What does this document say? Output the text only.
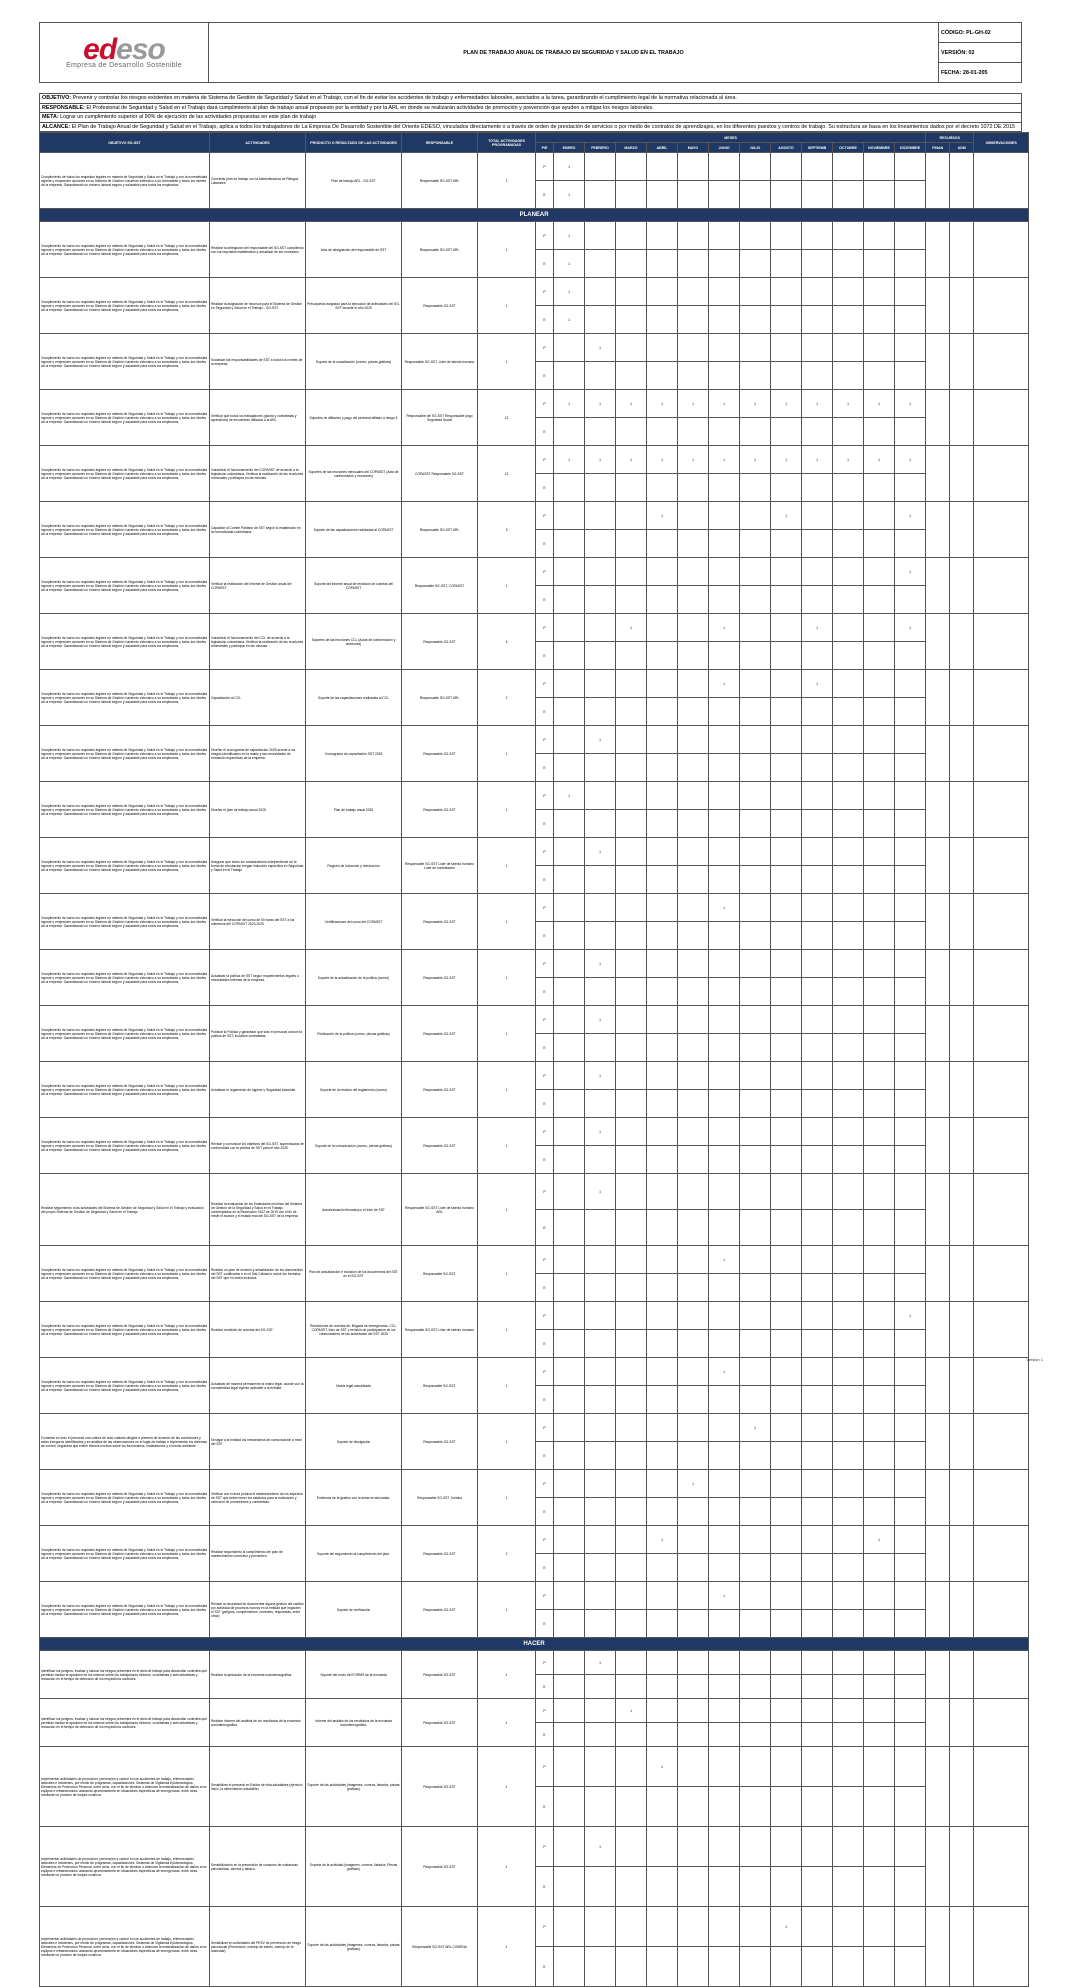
edeso
Empresa de Desarrollo Sostenible
	PLAN DE TRABAJO ANUAL DE TRABAJO EN SEGURIDAD Y SALUD EN EL TRABAJO	CÓDIGO: PL-GH-02
VERSIÓN: 02
FECHA: 28-01-205
OBJETIVO: Prevenir y controlar los riesgos existentes en materia de Sistema de Gestión de Seguridad y Salud en el Trabajo, con el fin de evitar los accidentes de trabajo y enfermedades laborales, asociados a la tarea, garantizando el cumplimiento legal de la normativa relacionada al área.
RESPONSABLE: El Profesional de Seguridad y Salud en el Trabajo dará cumplimiento al plan de trabajo anual propuesto por la entidad y por la ARL en donde se realizarán actividades de promoción y prevención que ayuden a mitigar los riesgos laborales.
META: Lograr un cumplimiento superior al 90% de ejecución de las actividades propuestas en este plan de trabajo
ALCANCE: El Plan de Trabajo Anual de Seguridad y Salud en el Trabajo, aplica a todos los trabajadores de La Empresa De Desarrollo Sostenible del Oriente EDESO, vinculados directamente o a través de orden de prestación de servicios o por medio de contratos de aprendizajes, en los diferentes puestos y centros de trabajo. Su estructura se basa en los lineamientos dados por el decreto 1072 DE 2015
OBJETIVO SG-SST	ACTIVIDADES	PRODUCTO O RESULTADO DE LAS ACTIVIDADES	RESPONSABLE	TOTAL ACTIVIDADES PROGRAMADAS	MESES													RECURSOS		OBSERVACIONES
					P/E	ENERO	FEBRERO	MARZO	ABRIL	MAYO	JUNIO	JULIO	AGOSTO	SEPTIEMB	OCTUBRE	NOVIEMBRE	DICIEMBRE	FINAN	ADM	
Cumplimiento de todos los requisitos legales en materia de Seguridad y Salud en el Trabajo y con la normatividad vigente y emprender acciones en su Sistema de Gestión; haciendo extensivo a su contratante y todos los niveles de la empresa. Garantizando un entorno laboral seguro y saludable para todos los empleados.	Concertar plan de trabajo con la Administradora de Riesgos Laborales	Plan de trabajo ARL - SG-SST	Responsable SG-SST ARL	1	P	1														
					E	1														
PLANEAR																				
Cumplimiento de todos los requisitos legales en materia de Seguridad y Salud en el Trabajo y con la normatividad vigente y emprender acciones en su Sistema de Gestión; haciendo extensivo a su contratante y todos los niveles de la empresa. Garantizando un entorno laboral seguro y saludable para todos los empleados.	Realizar la delegación del responsable del SG-SST cumpliendo con los requisitos establecidos y actualizar de ser necesario	Acta de designación del responsable de SST	Responsable SG-SST ARL	1	P	1														
					E	1														
Cumplimiento de todos los requisitos legales en materia de Seguridad y Salud en el Trabajo y con la normatividad vigente y emprender acciones en su Sistema de Gestión; haciendo extensivo a su contratante y todos los niveles de la empresa. Garantizando un entorno laboral seguro y saludable para todos los empleados.	Realizar la asignación de recursos para el Sistema de Gestión en Seguridad y Salud en el Trabajo – SG-SST	Presupuesto asignado para la ejecución de actividades del SG-SST durante el año 2025	Responsable SG-SST	1	P	1														
					E	1														
Cumplimiento de todos los requisitos legales en materia de Seguridad y Salud en el Trabajo y con la normatividad vigente y emprender acciones en su Sistema de Gestión; haciendo extensivo a su contratante y todos los niveles de la empresa. Garantizando un entorno laboral seguro y saludable para todos los empleados.	Socializar las responsabilidades de SST a todos los niveles de la empresa.	Soporte de la socialización (correo, piezas gráficas)	Responsable SG-SST, Líder de talento humano	1	P		1													
					E															
Cumplimiento de todos los requisitos legales en materia de Seguridad y Salud en el Trabajo y con la normatividad vigente y emprender acciones en su Sistema de Gestión; haciendo extensivo a su contratante y todos los niveles de la empresa. Garantizando un entorno laboral seguro y saludable para todos los empleados.	Verificar que todos los trabajadores (planta y contratistas y aprendices) se encuentran afiliados a la ARL	Soportes de afiliación y pago del personal afiliado a riesgo 5	Responsable del SG-SST Responsable pago Seguridad Social	12	P	1	1	1	1	1	1	1	1	1	1	1	1			
					E															
Cumplimiento de todos los requisitos legales en materia de Seguridad y Salud en el Trabajo y con la normatividad vigente y emprender acciones en su Sistema de Gestión; haciendo extensivo a su contratante y todos los niveles de la empresa. Garantizando un entorno laboral seguro y saludable para todos los empleados.	Garantizar el funcionamiento del COPASST de acuerdo a la legislación colombiana, Verificar la realización de las reuniones mensuales y participar en las mismas.	Soportes de las reuniones mensuales del COPASST (Acta de conformación y reuniones)	COPASST Responsable SG-SST	12	P	1	1	1	1	1	1	1	1	1	1	1	1			
					E															
Cumplimiento de todos los requisitos legales en materia de Seguridad y Salud en el Trabajo y con la normatividad vigente y emprender acciones en su Sistema de Gestión; haciendo extensivo a su contratante y todos los niveles de la empresa. Garantizando un entorno laboral seguro y saludable para todos los empleados.	Capacitar al Comité Paritario de SST según lo establecido en la normatividad colombiana.	Soporte de las capacitaciones realizadas al COPASST	Responsable SG-SST ARL	3	P				1				1				1			
					E															
Cumplimiento de todos los requisitos legales en materia de Seguridad y Salud en el Trabajo y con la normatividad vigente y emprender acciones en su Sistema de Gestión; haciendo extensivo a su contratante y todos los niveles de la empresa. Garantizando un entorno laboral seguro y saludable para todos los empleados.	Verificar la realización del informe de Gestión anual del COPASST	Soporte del informe anual de rendición de cuentas del COPASST	Responsable SG-SST, COPASST	1	P												1			
					E															
Cumplimiento de todos los requisitos legales en materia de Seguridad y Salud en el Trabajo y con la normatividad vigente y emprender acciones en su Sistema de Gestión; haciendo extensivo a su contratante y todos los niveles de la empresa. Garantizando un entorno laboral seguro y saludable para todos los empleados.	Garantizar el funcionamiento del CCL de acuerdo a la legislación colombiana, Verificar la realización de las reuniones trimestrales y participar en las mismas.	Soportes de las reuniones CCL (Actas de conformación y reuniones)	Responsable SG-SST	4	P			1			1			1			1			
					E															
Cumplimiento de todos los requisitos legales en materia de Seguridad y Salud en el Trabajo y con la normatividad vigente y emprender acciones en su Sistema de Gestión; haciendo extensivo a su contratante y todos los niveles de la empresa. Garantizando un entorno laboral seguro y saludable para todos los empleados.	Capacitación al CCL	Soporte de las capacitaciones realizadas al CCL	Responsable SG-SST ARL	2	P						1			1						
					E															
Cumplimiento de todos los requisitos legales en materia de Seguridad y Salud en el Trabajo y con la normatividad vigente y emprender acciones en su Sistema de Gestión; haciendo extensivo a su contratante y todos los niveles de la empresa. Garantizando un entorno laboral seguro y saludable para todos los empleados.	Diseñar el cronograma de capacitación 2025 acorde a los riesgos identificados en la matriz y las necesidades de formación específicas de la empresa.	Cronograma de capacitación SST 2025	Responsable SG-SST	1	P		1													
					E															
Cumplimiento de todos los requisitos legales en materia de Seguridad y Salud en el Trabajo y con la normatividad vigente y emprender acciones en su Sistema de Gestión; haciendo extensivo a su contratante y todos los niveles de la empresa. Garantizando un entorno laboral seguro y saludable para todos los empleados.	Diseñar el plan de trabajo anual 2025	Plan de trabajo anual 2025	Responsable SG-SST	1	P	1														
					E															
Cumplimiento de todos los requisitos legales en materia de Seguridad y Salud en el Trabajo y con la normatividad vigente y emprender acciones en su Sistema de Gestión; haciendo extensivo a su contratante y todos los niveles de la empresa. Garantizando un entorno laboral seguro y saludable para todos los empleados.	Asegurar que todos los colaboradores independiente de la forma de vinculación tengan inducción específica en Seguridad y Salud en el Trabajo	Registro de Inducción y reinducción	Responsable SG-SST Líder de talento humano Líder de contratación	1	P		1													
					E															
Cumplimiento de todos los requisitos legales en materia de Seguridad y Salud en el Trabajo y con la normatividad vigente y emprender acciones en su Sistema de Gestión; haciendo extensivo a su contratante y todos los niveles de la empresa. Garantizando un entorno laboral seguro y saludable para todos los empleados.	Verificar la ejecución del curso de 50 horas del SST a los miembros del COPASST 2023-2025	Certificaciones del curso del COPASST	Responsable SG-SST	1	P						1									
					E															
Cumplimiento de todos los requisitos legales en materia de Seguridad y Salud en el Trabajo y con la normatividad vigente y emprender acciones en su Sistema de Gestión; haciendo extensivo a su contratante y todos los niveles de la empresa. Garantizando un entorno laboral seguro y saludable para todos los empleados.	Actualizar la política de SST según requerimientos legales o necesidades internas de la empresa.	Soporte de la actualización de la política (correo)	Responsable SG-SST	1	P		1													
					E															
Cumplimiento de todos los requisitos legales en materia de Seguridad y Salud en el Trabajo y con la normatividad vigente y emprender acciones en su Sistema de Gestión; haciendo extensivo a su contratante y todos los niveles de la empresa. Garantizando un entorno laboral seguro y saludable para todos los empleados.	Publicar la Política y garantizar que todo el personal conoce la política de SST, incluidos contratistas.	Publicación de la política (correo, piezas gráficas)	Responsable SG-SST	1	P		1													
					E															
Cumplimiento de todos los requisitos legales en materia de Seguridad y Salud en el Trabajo y con la normatividad vigente y emprender acciones en su Sistema de Gestión; haciendo extensivo a su contratante y todos los niveles de la empresa. Garantizando un entorno laboral seguro y saludable para todos los empleados.	Actualizar el reglamento de higiene y Seguridad industrial.	Soporte de la revisión del reglamento (correo)	Responsable SG-SST	1	P		1													
					E															
Cumplimiento de todos los requisitos legales en materia de Seguridad y Salud en el Trabajo y con la normatividad vigente y emprender acciones en su Sistema de Gestión; haciendo extensivo a su contratante y todos los niveles de la empresa. Garantizando un entorno laboral seguro y saludable para todos los empleados.	Revisar y comunicar los objetivos del SG-SST, supervisados de conformidad con la política de SST para el año 2025	Soporte de la comunicación (correo, piezas gráficas)	Responsable SG-SST	1	P		1													
					E															
Realizar seguimiento a las actividades del Sistema de Gestión de Seguridad y Salud en el Trabajo y evaluación del propio Sistema de Gestión de Seguridad y Salud en el Trabajo	Realizar la evaluación de los Estándares mínimos del Sistema de Gestión de la Seguridad y Salud en el Trabajo contemplados en la Resolución 0312 de 2019 con el fin de medir el avance y el estado real del SG-SST de la empresa	Autoevaluación firmada por el líder de SST	Responsable SG-SST Líder de talento humano ARL	1	P		1													
					E															
Cumplimiento de todos los requisitos legales en materia de Seguridad y Salud en el Trabajo y con la normatividad vigente y emprender acciones en su Sistema de Gestión; haciendo extensivo a su contratante y todos los niveles de la empresa. Garantizando un entorno laboral seguro y saludable para todos los empleados.	Realizar un plan de revisión y actualización de los documentos del SST codificados e en el Sist Calidad e incluir los formatos del SST que no estén incluidos.	Plan de actualización e inclusión de los documentos del SST en el SG-SST	Responsable SG-SST,	1	P						1									
					E															
Cumplimiento de todos los requisitos legales en materia de Seguridad y Salud en el Trabajo y con la normatividad vigente y emprender acciones en su Sistema de Gestión; haciendo extensivo a su contratante y todos los niveles de la empresa. Garantizando un entorno laboral seguro y saludable para todos los empleados.	Realizar rendición de cuentas del SG-SST.	Rendiciones de cuentas de: Brigada de emergencias, CCL, COPASST, líder de SST y revisión de participación de los colaboradores de las actividades del SST 2025	Responsable SG-SST Líder de talento humano	1	P												1			
					E															
Cumplimiento de todos los requisitos legales en materia de Seguridad y Salud en el Trabajo y con la normatividad vigente y emprender acciones en su Sistema de Gestión; haciendo extensivo a su contratante y todos los niveles de la empresa. Garantizando un entorno laboral seguro y saludable para todos los empleados.	Actualizar de manera permanente la matriz legal, acorde con la normatividad legal vigente aplicable a la entidad	Matriz legal actualizada	Responsable SG-SST,	1	P						1									
					E															
Fomentar en todo el personal una cultura de auto cuidado dirigida a prevenir de acuerdo de las condiciones y actos inseguros identificados y en análisis de las observaciones en el lugar de trabajo e implementar los sistemas de control, seguridad que eviten efectos nocivos sobre los funcionarios, instalaciones y el medio ambiente.	Divulgar a la entidad los mecanismos de comunicación a nivel del SST	Soporte de divulgación	Responsable SG-SST	1	P							1								
					E															
Cumplimiento de todos los requisitos legales en materia de Seguridad y Salud en el Trabajo y con la normatividad vigente y emprender acciones en su Sistema de Gestión; haciendo extensivo a su contratante y todos los niveles de la empresa. Garantizando un entorno laboral seguro y saludable para todos los empleados.	Verificar con el área jurídica el establecimiento de los aspectos de SST que deben tener los estatutos para la evaluación y selección de proveedores y contratistas.	Evidencia de la gestión con la areas involucradas.	Responsable SG-SST Jurídica	1	P					1										
					E															
Cumplimiento de todos los requisitos legales en materia de Seguridad y Salud en el Trabajo y con la normatividad vigente y emprender acciones en su Sistema de Gestión; haciendo extensivo a su contratante y todos los niveles de la empresa. Garantizando un entorno laboral seguro y saludable para todos los empleados.	Realizar seguimiento al cumplimiento del plan de mantenimiento correctivo y preventivo.	Soporte del seguimiento al cumplimiento del plan.	Responsable SG-SST	2	P				1							1				
					E															
Cumplimiento de todos los requisitos legales en materia de Seguridad y Salud en el Trabajo y con la normatividad vigente y emprender acciones en su Sistema de Gestión; haciendo extensivo a su contratante y todos los niveles de la empresa. Garantizando un entorno laboral seguro y saludable para todos los empleados.	Revisar la necesidad de documentar alguna gestión del cambio por actividad de procesos nuevos en la entidad que impacten el SST (peligros, complementos, controles, respuestas, entre otros)	Soporte de verificación	Responsable SG-SST	1	P						1									
					E															
HACER																				
Identificar los peligros, evaluar y valorar los riesgos presentes en el área de trabajo para desarrollar controles que permitan mediar la aparición de los mismos sobre los trabajadores directos, contratistas y subcontratistas y reducción en el tiempo de detección de los respectivos controles.	Realizar la aplicación de la encuesta sociodemográfica.	Soporte del envío del FORMS de la encuesta	Responsable SG-SST	1	P		1													
					E															
Identificar los peligros, evaluar y valorar los riesgos presentes en el área de trabajo para desarrollar controles que permitan mediar la aparición de los mismos sobre los trabajadores directos, contratistas y subcontratistas y reducción en el tiempo de detección de los respectivos controles.	Realizar informe del análisis de los resultados de la encuesta sociodemográfica.	Informe del análisis de los resultados de la encuesta sociodemográfica.	Responsable SG-SST	1	P			1												
					E															
Implementar actividades de promoción, prevención y control en los accidentes de trabajo, enfermedades laborales e incidentes, por medio de programas, capacitaciones, Sistemas de Vigilancia Epidemiológica, Elementos de Protección Personal, entre otros, con el fin de eliminar o aminorar la materialización de daños a los equipos e infraestructura, actuando oportunamente en situaciones específicas de emergencias, entre otras, mediante un proceso de mejora continua.	Sensibilizar el personal en Estilos de vida saludables (ejercicio físico, la alimentación saludable)	Soporte de las actividades (imagenes, correos, listados, piezas gráficas)	Responsable SG-SST	1	P				1											
					E															
Implementar actividades de promoción, prevención y control en los accidentes de trabajo, enfermedades laborales e incidentes, por medio de programas, capacitaciones, Sistemas de Vigilancia Epidemiológica, Elementos de Protección Personal, entre otros, con el fin de eliminar o aminorar la materialización de daños a los equipos e infraestructura, actuando oportunamente en situaciones específicas de emergencias, entre otras, mediante un proceso de mejora continua.	Sensibilización en la prevención de consumo de sustancias psicoactivas, alcohol y tabaco.	Soporte de la actividad (imagenes, correos, listados, Piezas gráficas)	Responsable SG-SST	1	P		1													
					E															
Implementar actividades de promoción, prevención y control en los accidentes de trabajo, enfermedades laborales e incidentes, por medio de programas, capacitaciones, Sistemas de Vigilancia Epidemiológica, Elementos de Protección Personal, entre otros, con el fin de eliminar o aminorar la materialización de daños a los equipos e infraestructura, actuando oportunamente en situaciones específicas de emergencias, entre otras, mediante un proceso de mejora continua.	Sensibilizar en actividades del PESV de prevención de riesgo psicosocial (Prevención, manejo de estrés, manejo de la ansiedad)	Soporte de las actividades (imagenes, correos, listados, piezas gráficas)	Responsable SG-SST ARL COMENA	1	P								1							
					E															
Versión 1
